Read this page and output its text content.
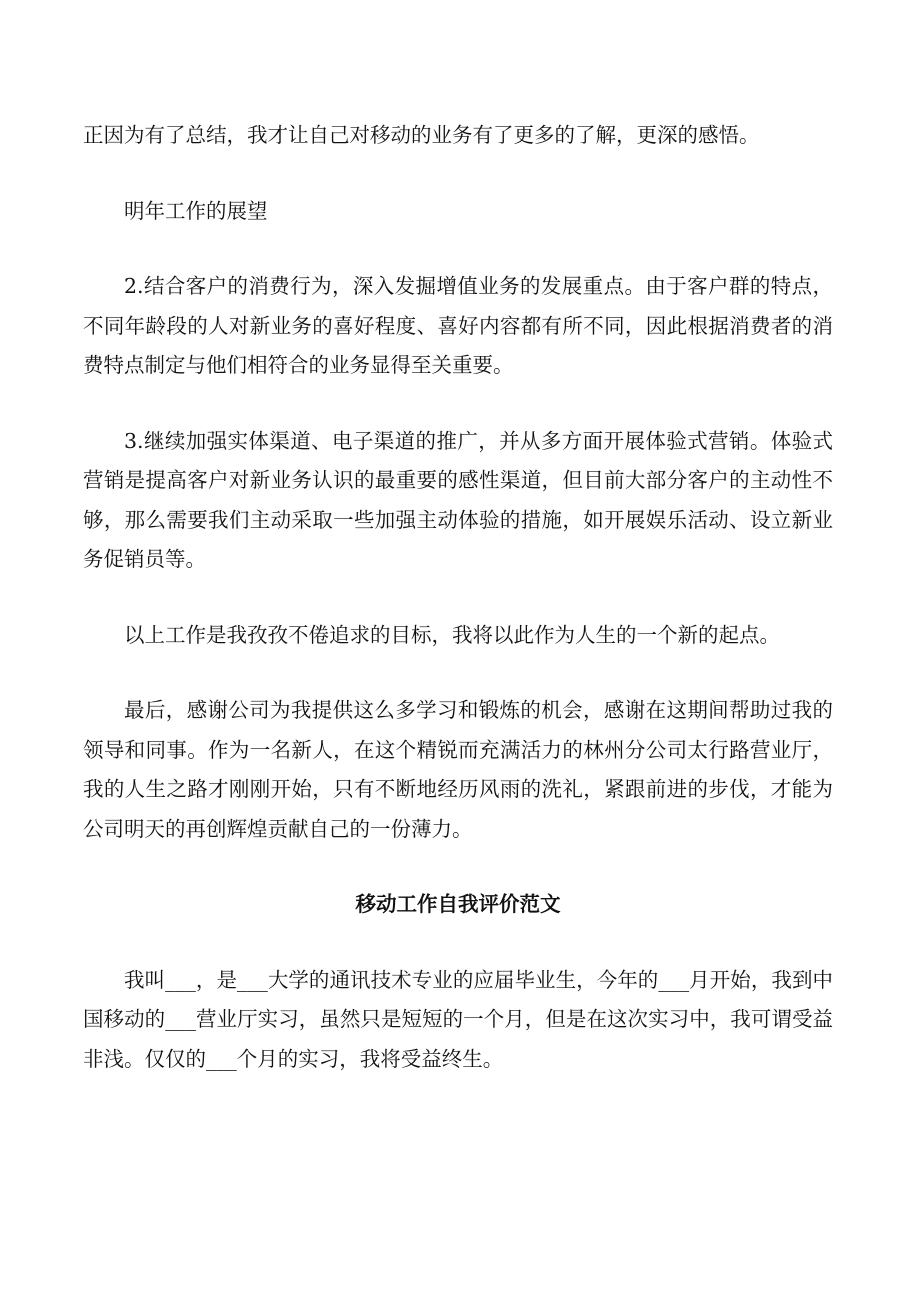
正因为有了总结，我才让自己对移动的业务有了更多的了解，更深的感悟。

明年工作的展望

2.结合客户的消费行为，深入发掘增值业务的发展重点。由于客户群的特点，不同年龄段的人对新业务的喜好程度、喜好内容都有所不同，因此根据消费者的消费特点制定与他们相符合的业务显得至关重要。

3.继续加强实体渠道、电子渠道的推广，并从多方面开展体验式营销。体验式营销是提高客户对新业务认识的最重要的感性渠道，但目前大部分客户的主动性不够，那么需要我们主动采取一些加强主动体验的措施，如开展娱乐活动、设立新业务促销员等。

以上工作是我孜孜不倦追求的目标，我将以此作为人生的一个新的起点。

最后，感谢公司为我提供这么多学习和锻炼的机会，感谢在这期间帮助过我的领导和同事。作为一名新人，在这个精锐而充满活力的林州分公司太行路营业厅，我的人生之路才刚刚开始，只有不断地经历风雨的洗礼，紧跟前进的步伐，才能为公司明天的再创辉煌贡献自己的一份薄力。

移动工作自我评价范文

我叫___，是___大学的通讯技术专业的应届毕业生，今年的___月开始，我到中国移动的___营业厅实习，虽然只是短短的一个月，但是在这次实习中，我可谓受益非浅。仅仅的___个月的实习，我将受益终生。
